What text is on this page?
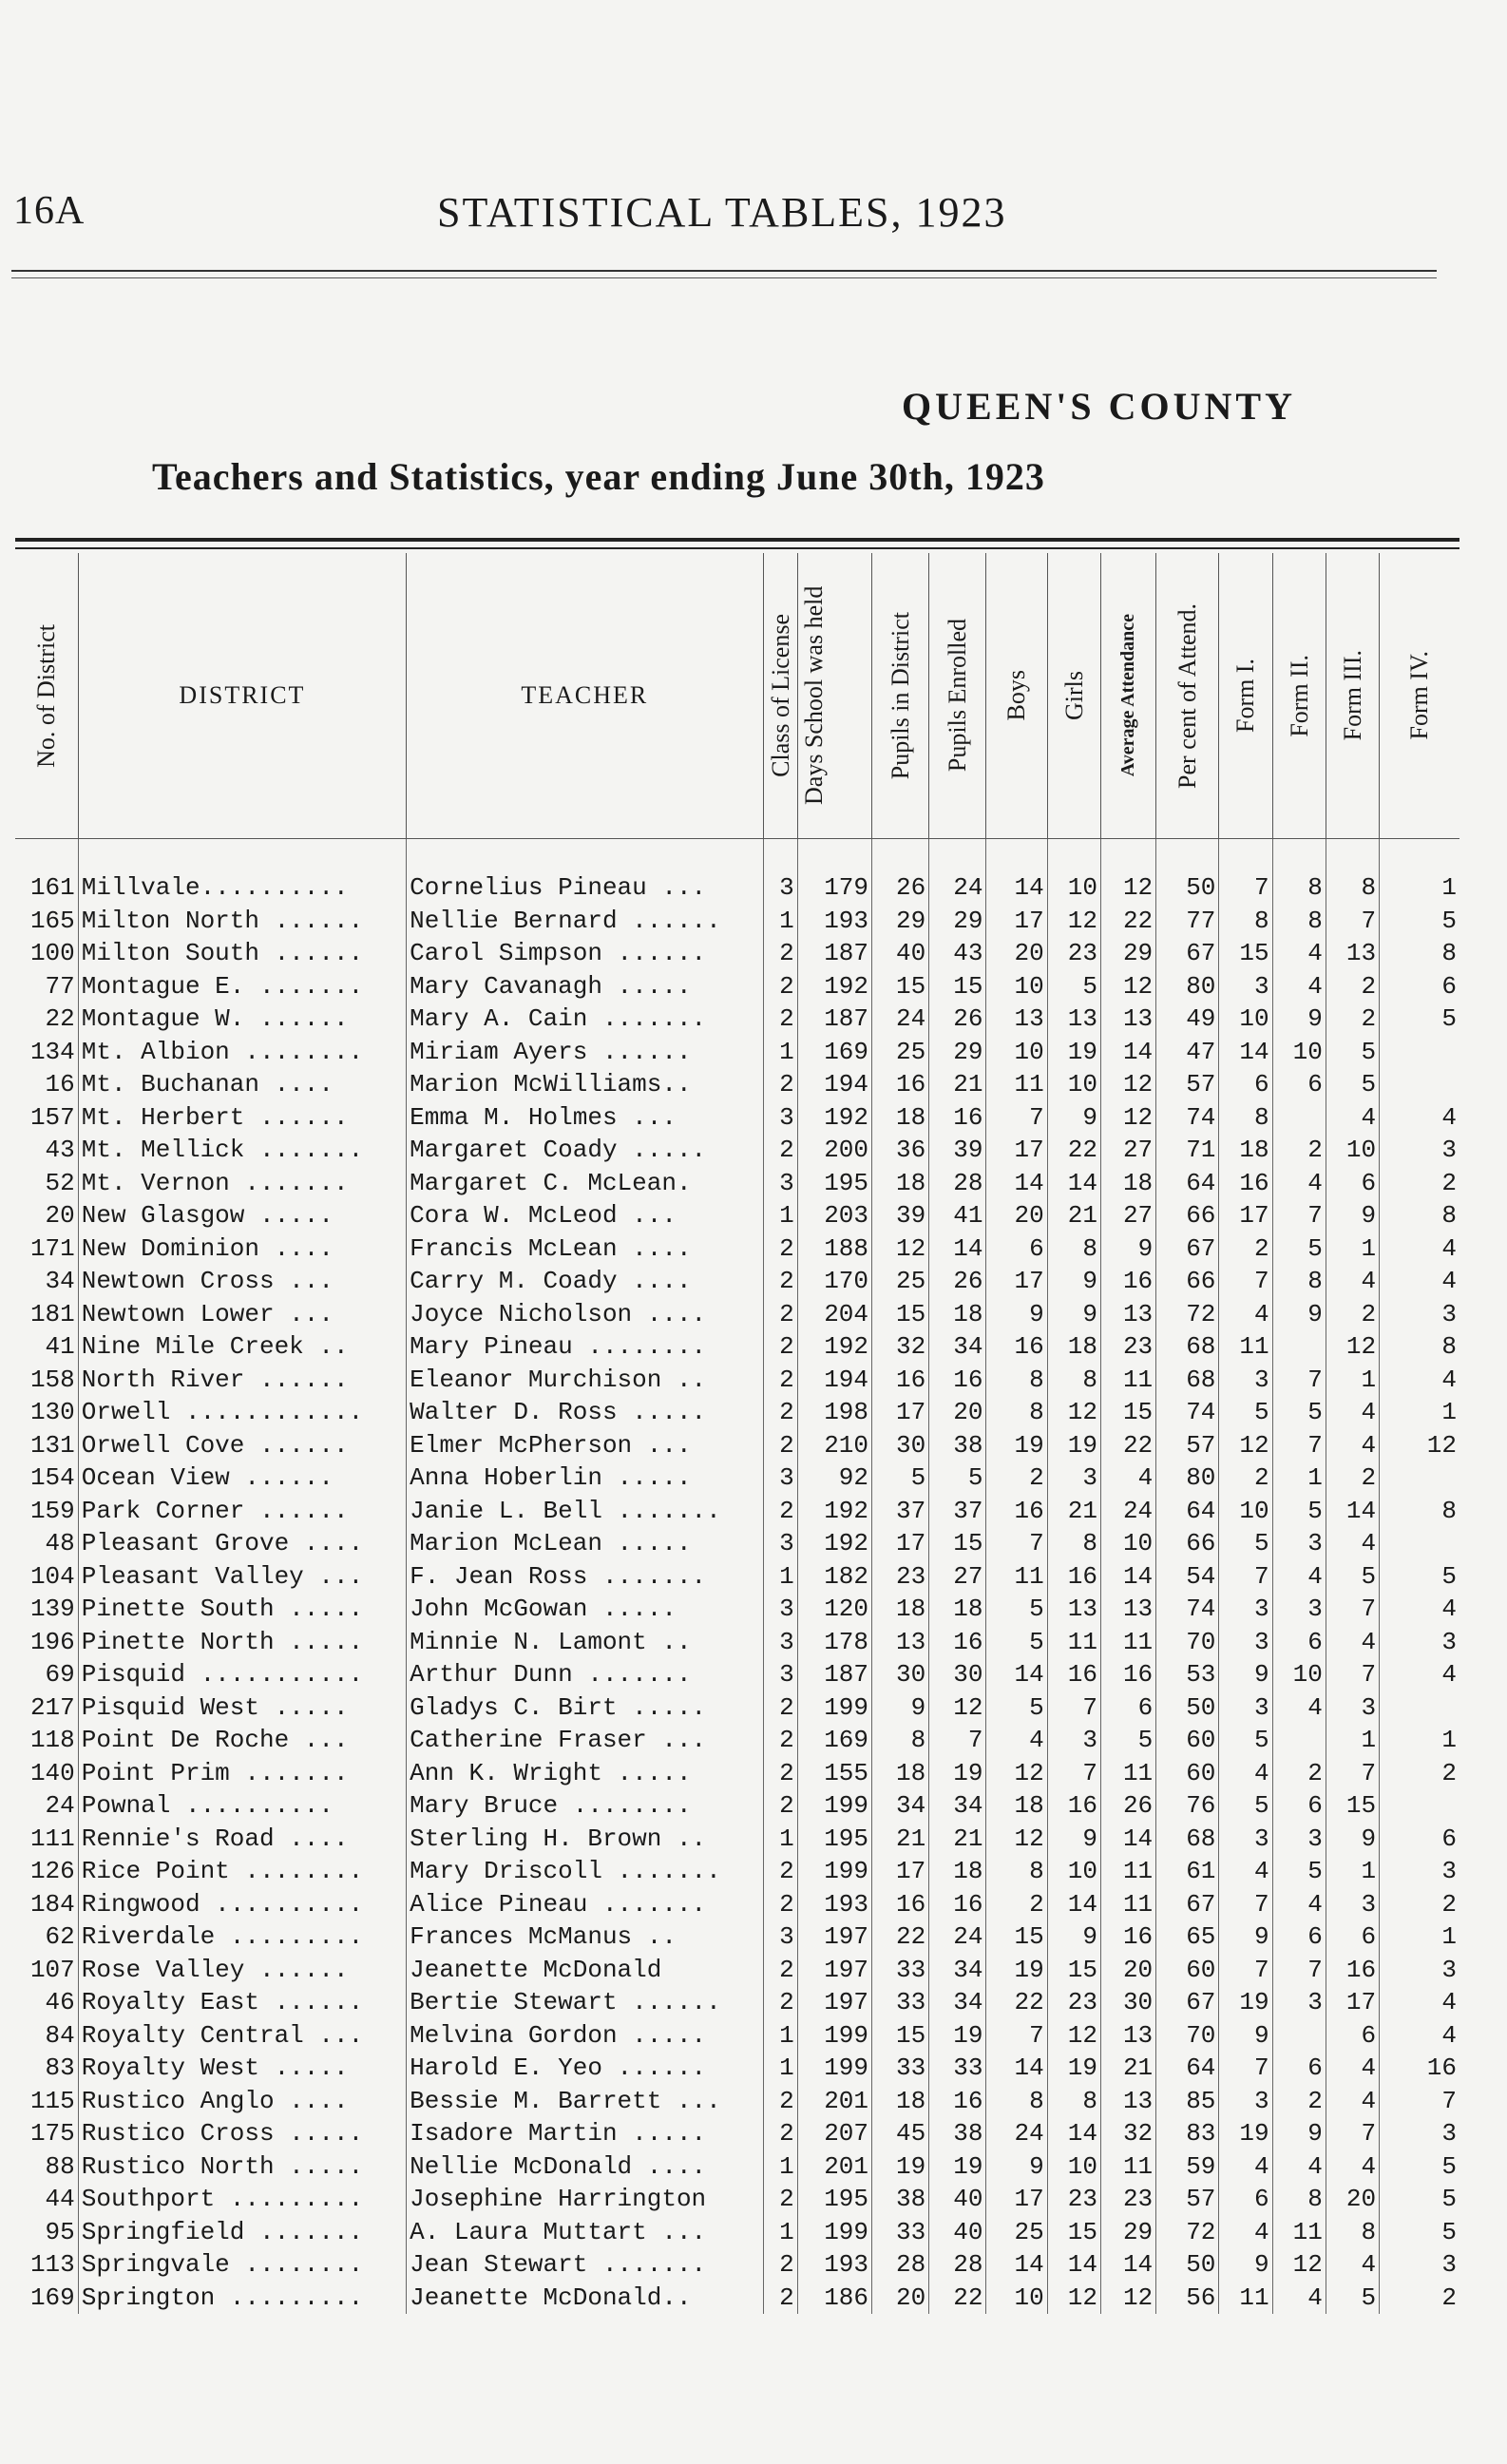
16A	STATISTICAL TABLES, 1923
QUEEN'S COUNTY
Teachers and Statistics, year ending June 30th, 1923
No. of District	DISTRICT	TEACHER	Class of License	Days School was held	Pupils in District	Pupils Enrolled	Boys	Girls	Average Attendance	Per cent of Attend.	Form I.	Form II.	Form III.	Form IV.

161	Millvale..........	Cornelius Pineau ...	3	179	26	24	14	10	12	50	7	8	8	1
165	Milton North ......	Nellie Bernard ......	1	193	29	29	17	12	22	77	8	8	7	5
100	Milton South ......	Carol Simpson ......	2	187	40	43	20	23	29	67	15	4	13	8
77	Montague E. .......	Mary Cavanagh .....	2	192	15	15	10	5	12	80	3	4	2	6
22	Montague W. ......	Mary A. Cain .......	2	187	24	26	13	13	13	49	10	9	2	5
134	Mt. Albion ........	Miriam Ayers ......	1	169	25	29	10	19	14	47	14	10	5	
16	Mt. Buchanan ....	Marion McWilliams..	2	194	16	21	11	10	12	57	6	6	5	
157	Mt. Herbert ......	Emma M. Holmes ...	3	192	18	16	7	9	12	74	8		4	4
43	Mt. Mellick .......	Margaret Coady .....	2	200	36	39	17	22	27	71	18	2	10	3
52	Mt. Vernon .......	Margaret C. McLean.	3	195	18	28	14	14	18	64	16	4	6	2
20	New Glasgow .....	Cora W. McLeod ...	1	203	39	41	20	21	27	66	17	7	9	8
171	New Dominion ....	Francis McLean ....	2	188	12	14	6	8	9	67	2	5	1	4
34	Newtown Cross ...	Carry M. Coady ....	2	170	25	26	17	9	16	66	7	8	4	4
181	Newtown Lower ...	Joyce Nicholson ....	2	204	15	18	9	9	13	72	4	9	2	3
41	Nine Mile Creek ..	Mary Pineau ........	2	192	32	34	16	18	23	68	11		12	8
158	North River ......	Eleanor Murchison ..	2	194	16	16	8	8	11	68	3	7	1	4
130	Orwell ............	Walter D. Ross .....	2	198	17	20	8	12	15	74	5	5	4	1
131	Orwell Cove ......	Elmer McPherson ...	2	210	30	38	19	19	22	57	12	7	4	12
154	Ocean View ......	Anna Hoberlin .....	3	92	5	5	2	3	4	80	2	1	2	
159	Park Corner ......	Janie L. Bell .......	2	192	37	37	16	21	24	64	10	5	14	8
48	Pleasant Grove ....	Marion McLean .....	3	192	17	15	7	8	10	66	5	3	4	
104	Pleasant Valley ...	F. Jean Ross .......	1	182	23	27	11	16	14	54	7	4	5	5
139	Pinette South .....	John McGowan .....	3	120	18	18	5	13	13	74	3	3	7	4
196	Pinette North .....	Minnie N. Lamont ..	3	178	13	16	5	11	11	70	3	6	4	3
69	Pisquid ...........	Arthur Dunn .......	3	187	30	30	14	16	16	53	9	10	7	4
217	Pisquid West .....	Gladys C. Birt .....	2	199	9	12	5	7	6	50	3	4	3	
118	Point De Roche ...	Catherine Fraser ...	2	169	8	7	4	3	5	60	5		1	1
140	Point Prim .......	Ann K. Wright .....	2	155	18	19	12	7	11	60	4	2	7	2
24	Pownal ..........	Mary Bruce ........	2	199	34	34	18	16	26	76	5	6	15	
111	Rennie's Road ....	Sterling H. Brown ..	1	195	21	21	12	9	14	68	3	3	9	6
126	Rice Point ........	Mary Driscoll .......	2	199	17	18	8	10	11	61	4	5	1	3
184	Ringwood ..........	Alice Pineau .......	2	193	16	16	2	14	11	67	7	4	3	2
62	Riverdale .........	Frances McManus ..	3	197	22	24	15	9	16	65	9	6	6	1
107	Rose Valley ......	Jeanette McDonald	2	197	33	34	19	15	20	60	7	7	16	3
46	Royalty East ......	Bertie Stewart ......	2	197	33	34	22	23	30	67	19	3	17	4
84	Royalty Central ...	Melvina Gordon .....	1	199	15	19	7	12	13	70	9		6	4
83	Royalty West .....	Harold E. Yeo ......	1	199	33	33	14	19	21	64	7	6	4	16
115	Rustico Anglo ....	Bessie M. Barrett ...	2	201	18	16	8	8	13	85	3	2	4	7
175	Rustico Cross .....	Isadore Martin .....	2	207	45	38	24	14	32	83	19	9	7	3
88	Rustico North .....	Nellie McDonald ....	1	201	19	19	9	10	11	59	4	4	4	5
44	Southport .........	Josephine Harrington	2	195	38	40	17	23	23	57	6	8	20	5
95	Springfield .......	A. Laura Muttart ...	1	199	33	40	25	15	29	72	4	11	8	5
113	Springvale ........	Jean Stewart .......	2	193	28	28	14	14	14	50	9	12	4	3
169	Springton .........	Jeanette McDonald..	2	186	20	22	10	12	12	56	11	4	5	2
